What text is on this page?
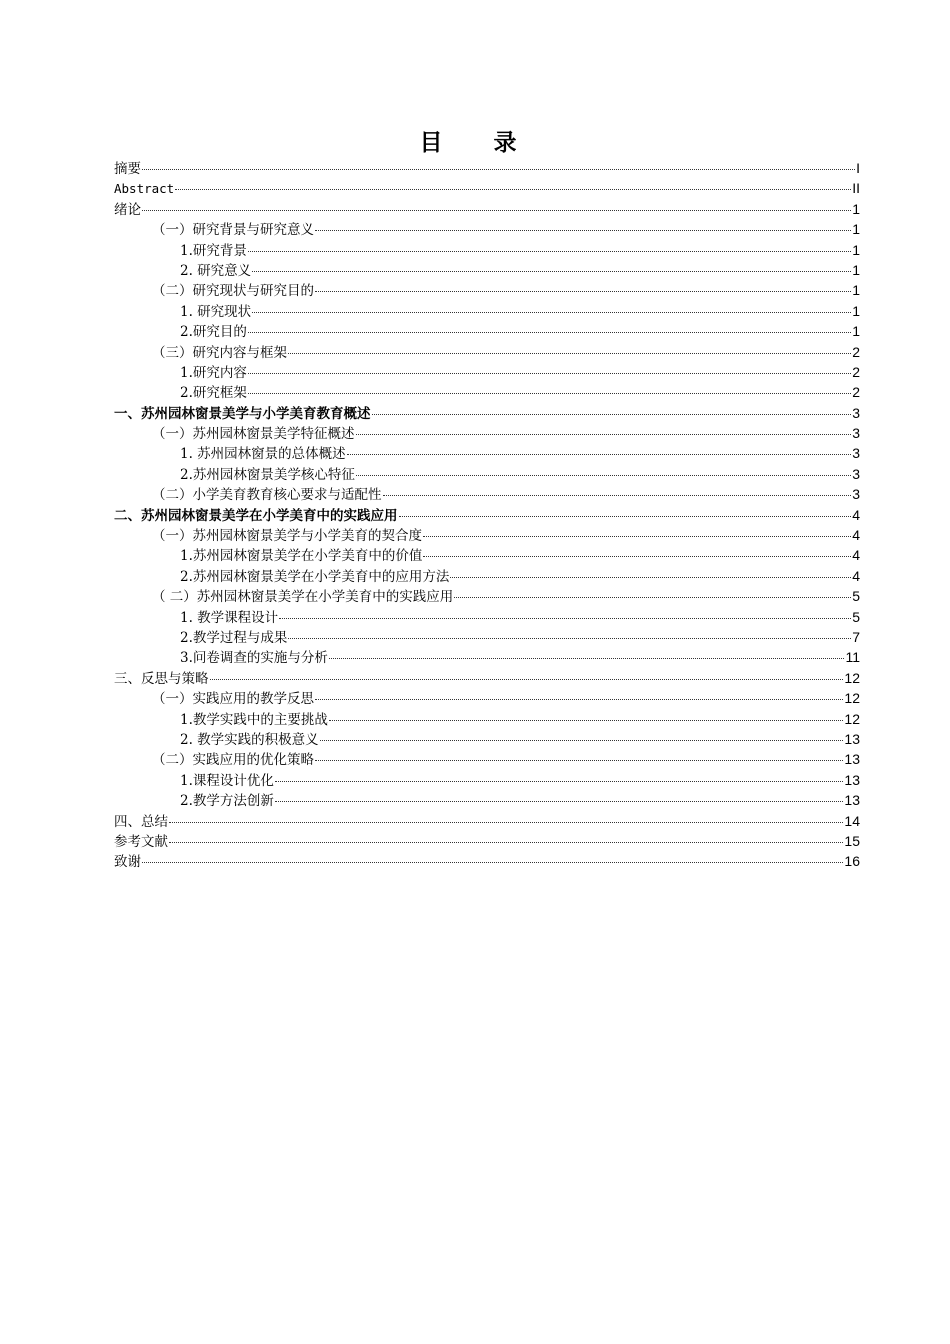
目　录
摘要	I
Abstract	II
绪论	1
（一）研究背景与研究意义	1
1.研究背景	1
2. 研究意义	1
（二）研究现状与研究目的	1
1. 研究现状	1
2.研究目的	1
（三）研究内容与框架	2
1.研究内容	2
2.研究框架	2
一、苏州园林窗景美学与小学美育教育概述	3
（一）苏州园林窗景美学特征概述	3
1. 苏州园林窗景的总体概述	3
2.苏州园林窗景美学核心特征	3
（二）小学美育教育核心要求与适配性	3
二、苏州园林窗景美学在小学美育中的实践应用	4
（一）苏州园林窗景美学与小学美育的契合度	4
1.苏州园林窗景美学在小学美育中的价值	4
2.苏州园林窗景美学在小学美育中的应用方法	4
（ 二）苏州园林窗景美学在小学美育中的实践应用	5
1. 教学课程设计	5
2.教学过程与成果	7
3.问卷调查的实施与分析	11
三、反思与策略	12
（一）实践应用的教学反思	12
1.教学实践中的主要挑战	12
2. 教学实践的积极意义	13
（二）实践应用的优化策略	13
1.课程设计优化	13
2.教学方法创新	13
四、总结	14
参考文献	15
致谢	16
